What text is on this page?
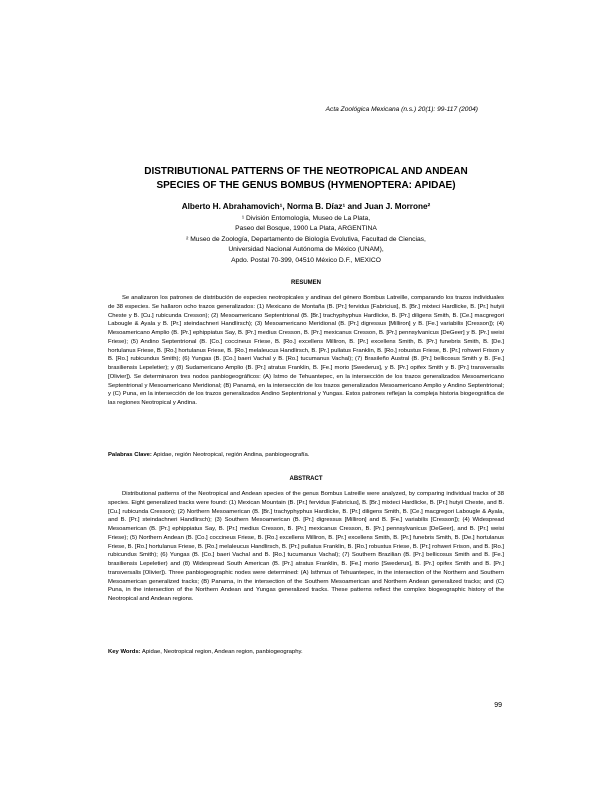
Acta Zoológica Mexicana (n.s.) 20(1): 99-117 (2004)
DISTRIBUTIONAL PATTERNS OF THE NEOTROPICAL AND ANDEAN
SPECIES OF THE GENUS BOMBUS (HYMENOPTERA: APIDAE)
Alberto H. Abrahamovich¹, Norma B. Díaz¹ and Juan J. Morrone²
¹ División Entomología, Museo de La Plata,
Paseo del Bosque, 1900 La Plata, ARGENTINA
² Museo de Zoología, Departamento de Biología Evolutiva, Facultad de Ciencias,
Universidad Nacional Autónoma de México (UNAM),
Apdo. Postal 70-399, 04510 México D.F., MEXICO
RESUMEN
Se analizaron los patrones de distribución de especies neotropicales y andinas del género Bombus Latreille, comparando los trazos individuales de 38 especies. Se hallaron ocho trazos generalizados: (1) Mexicano de Montaña (B. [Pr.] fervidus [Fabricius], B. [Br.] mixteci Hardlicke, B. [Pr.] hutyii Cheste y B. [Cu.] rubicunda Cresson); (2) Mesoamericano Septentrional (B. [Br.] trachyphyphus Hardlicke, B. [Pr.] diligens Smith, B. [Ce.] macgregori Labougle & Ayala y B. [Pr.] steindachneri Handlirsch); (3) Mesoamericano Meridional (B. [Pr.] digressus [Milliron] y B. [Fe.] variabilis [Cresson]); (4) Mesoamericano Amplio (B. [Pr.] ephippiatus Say, B. [Pr.] medius Cresson, B. [Pr.] mexicanus Cresson, B. [Pr.] pennsylvanicus [DeGeer] y B. [Pr.] weisi Friese); (5) Andino Septentrional (B. [Co.] coccineus Friese, B. [Ro.] excellens Milliron, B. [Pr.] excellens Smith, B. [Pr.] funebris Smith, B. [De.] hortulanus Friese, B. [Ro.] hortulanus Friese, B. [Ro.] melaleucus Handlirsch, B. [Pr.] pullatus Franklin, B. [Ro.] robustus Friese, B. [Pr.] rohweri Frison y B. [Ro.] rubicundus Smith); (6) Yungas (B. [Co.] baeri Vachal y B. [Ro.] tucumanus Vachal); (7) Brasileño Austral (B. [Pr.] bellicosus Smith y B. [Fe.] brasiliensis Lepeletier); y (8) Sudamericano Amplio (B. [Pr.] atratus Franklin, B. [Fe.] morio [Swederus], y B. [Pr.] opifex Smith y B. [Pr.] transversalis [Olivier]). Se determinaron tres nodos panbiogeográficos: (A) Istmo de Tehuantepec, en la intersección de los trazos generalizados Mesoamericano Septentrional y Mesoamericano Meridional; (B) Panamá, en la intersección de los trazos generalizados Mesoamericano Amplio y Andino Septentrional; y (C) Puna, en la intersección de los trazos generalizados Andino Septentrional y Yungas. Estos patrones reflejan la compleja historia biogeográfica de las regiones Neotropical y Andina.
Palabras Clave: Apidae, región Neotropical, región Andina, panbiogeografía.
ABSTRACT
Distributional patterns of the Neotropical and Andean species of the genus Bombus Latreille were analyzed, by comparing individual tracks of 38 species. Eight generalized tracks were found: (1) Mexican Mountain (B. [Pr.] fervidus [Fabricius], B. [Br.] mixteci Hardlicke, B. [Pr.] hutyii Cheste, and B. [Cu.] rubicunda Cresson); (2) Northern Mesoamerican (B. [Br.] trachyphyphus Hardlicke, B. [Pr.] diligens Smith, B. [Ce.] macgregori Labougle & Ayala, and B. [Pr.] steindachneri Handlirsch); (3) Southern Mesoamerican (B. [Pr.] digressus [Milliron] and B. [Fe.] variabilis [Cresson]); (4) Widespread Mesoamerican (B. [Pr.] ephippiatus Say, B. [Pr.] medius Cresson, B. [Pr.] mexicanus Cresson, B. [Pr.] pennsylvanicus [DeGeer], and B. [Pr.] weisi Friese); (5) Northern Andean (B. [Co.] coccineus Friese, B. [Ro.] excellens Milliron, B. [Pr.] excellens Smith, B. [Pr.] funebris Smith, B. [De.] hortulanus Friese, B. [Ro.] hortulanus Friese, B. [Ro.] melaleucus Handlirsch, B. [Pr.] pullatus Franklin, B. [Ro.] robustus Friese, B. [Pr.] rohweri Frison, and B. [Ro.] rubicundus Smith); (6) Yungas (B. [Co.] baeri Vachal and B. [Ro.] tucumanus Vachal); (7) Southern Brazilian (B. [Pr.] bellicosus Smith and B. [Fe.] brasiliensis Lepeletier) and (8) Widespread South American (B. [Pr.] atratus Franklin, B. [Fe.] morio [Swederus], B. [Pr.] opifex Smith and B. [Pr.] transversalis [Olivier]). Three panbiogeographic nodes were determined: (A) Isthmus of Tehuantepec, in the intersection of the Northern and Southern Mesoamerican generalized tracks; (B) Panama, in the intersection of the Southern Mesoamerican and Northern Andean generalized tracks; and (C) Puna, in the intersection of the Northern Andean and Yungas generalized tracks. These patterns reflect the complex biogeographic history of the Neotropical and Andean regions.
Key Words: Apidae, Neotropical region, Andean region, panbiogeography.
99
